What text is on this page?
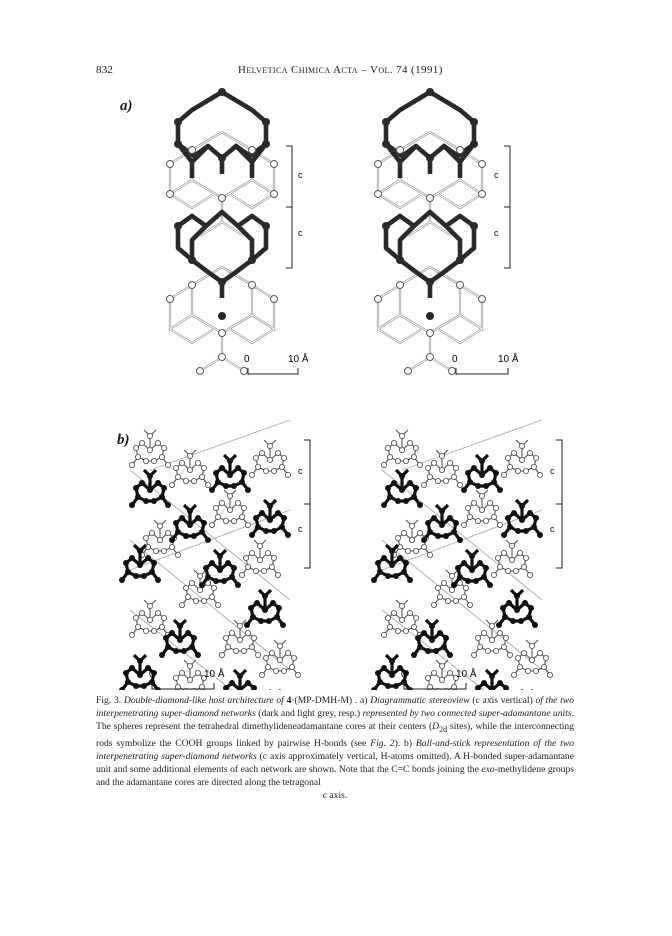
832	Helvetica Chimica Acta – Vol. 74 (1991)
a)
b)
c
c
c
c
0	10 Å	0	10 Å
c
c
c
c
0	10 Å	0	10 Å
Fig. 3. Double-diamond-like host architecture of 4·(MP-DMH-M) . a) Diagrammatic stereoview (c axis vertical) of the two interpenetrating super-diamond networks (dark and light grey, resp.) represented by two connected super-adamantane units. The spheres represent the tetrahedral dimethylideneadamantane cores at their centers ($D_{2d}$ sites), while the interconnecting rods symbolize the COOH groups linked by pairwise H-bonds (see Fig. 2). b) Ball-and-stick representation of the two interpenetrating super-diamond networks (c axis approximately vertical, H-atoms omitted). A H-bonded super-adamantane unit and some additional elements of each network are shown. Note that the C=C bonds joining the exo-methylidene groups and the adamantane cores are directed along the tetragonal
c axis.
